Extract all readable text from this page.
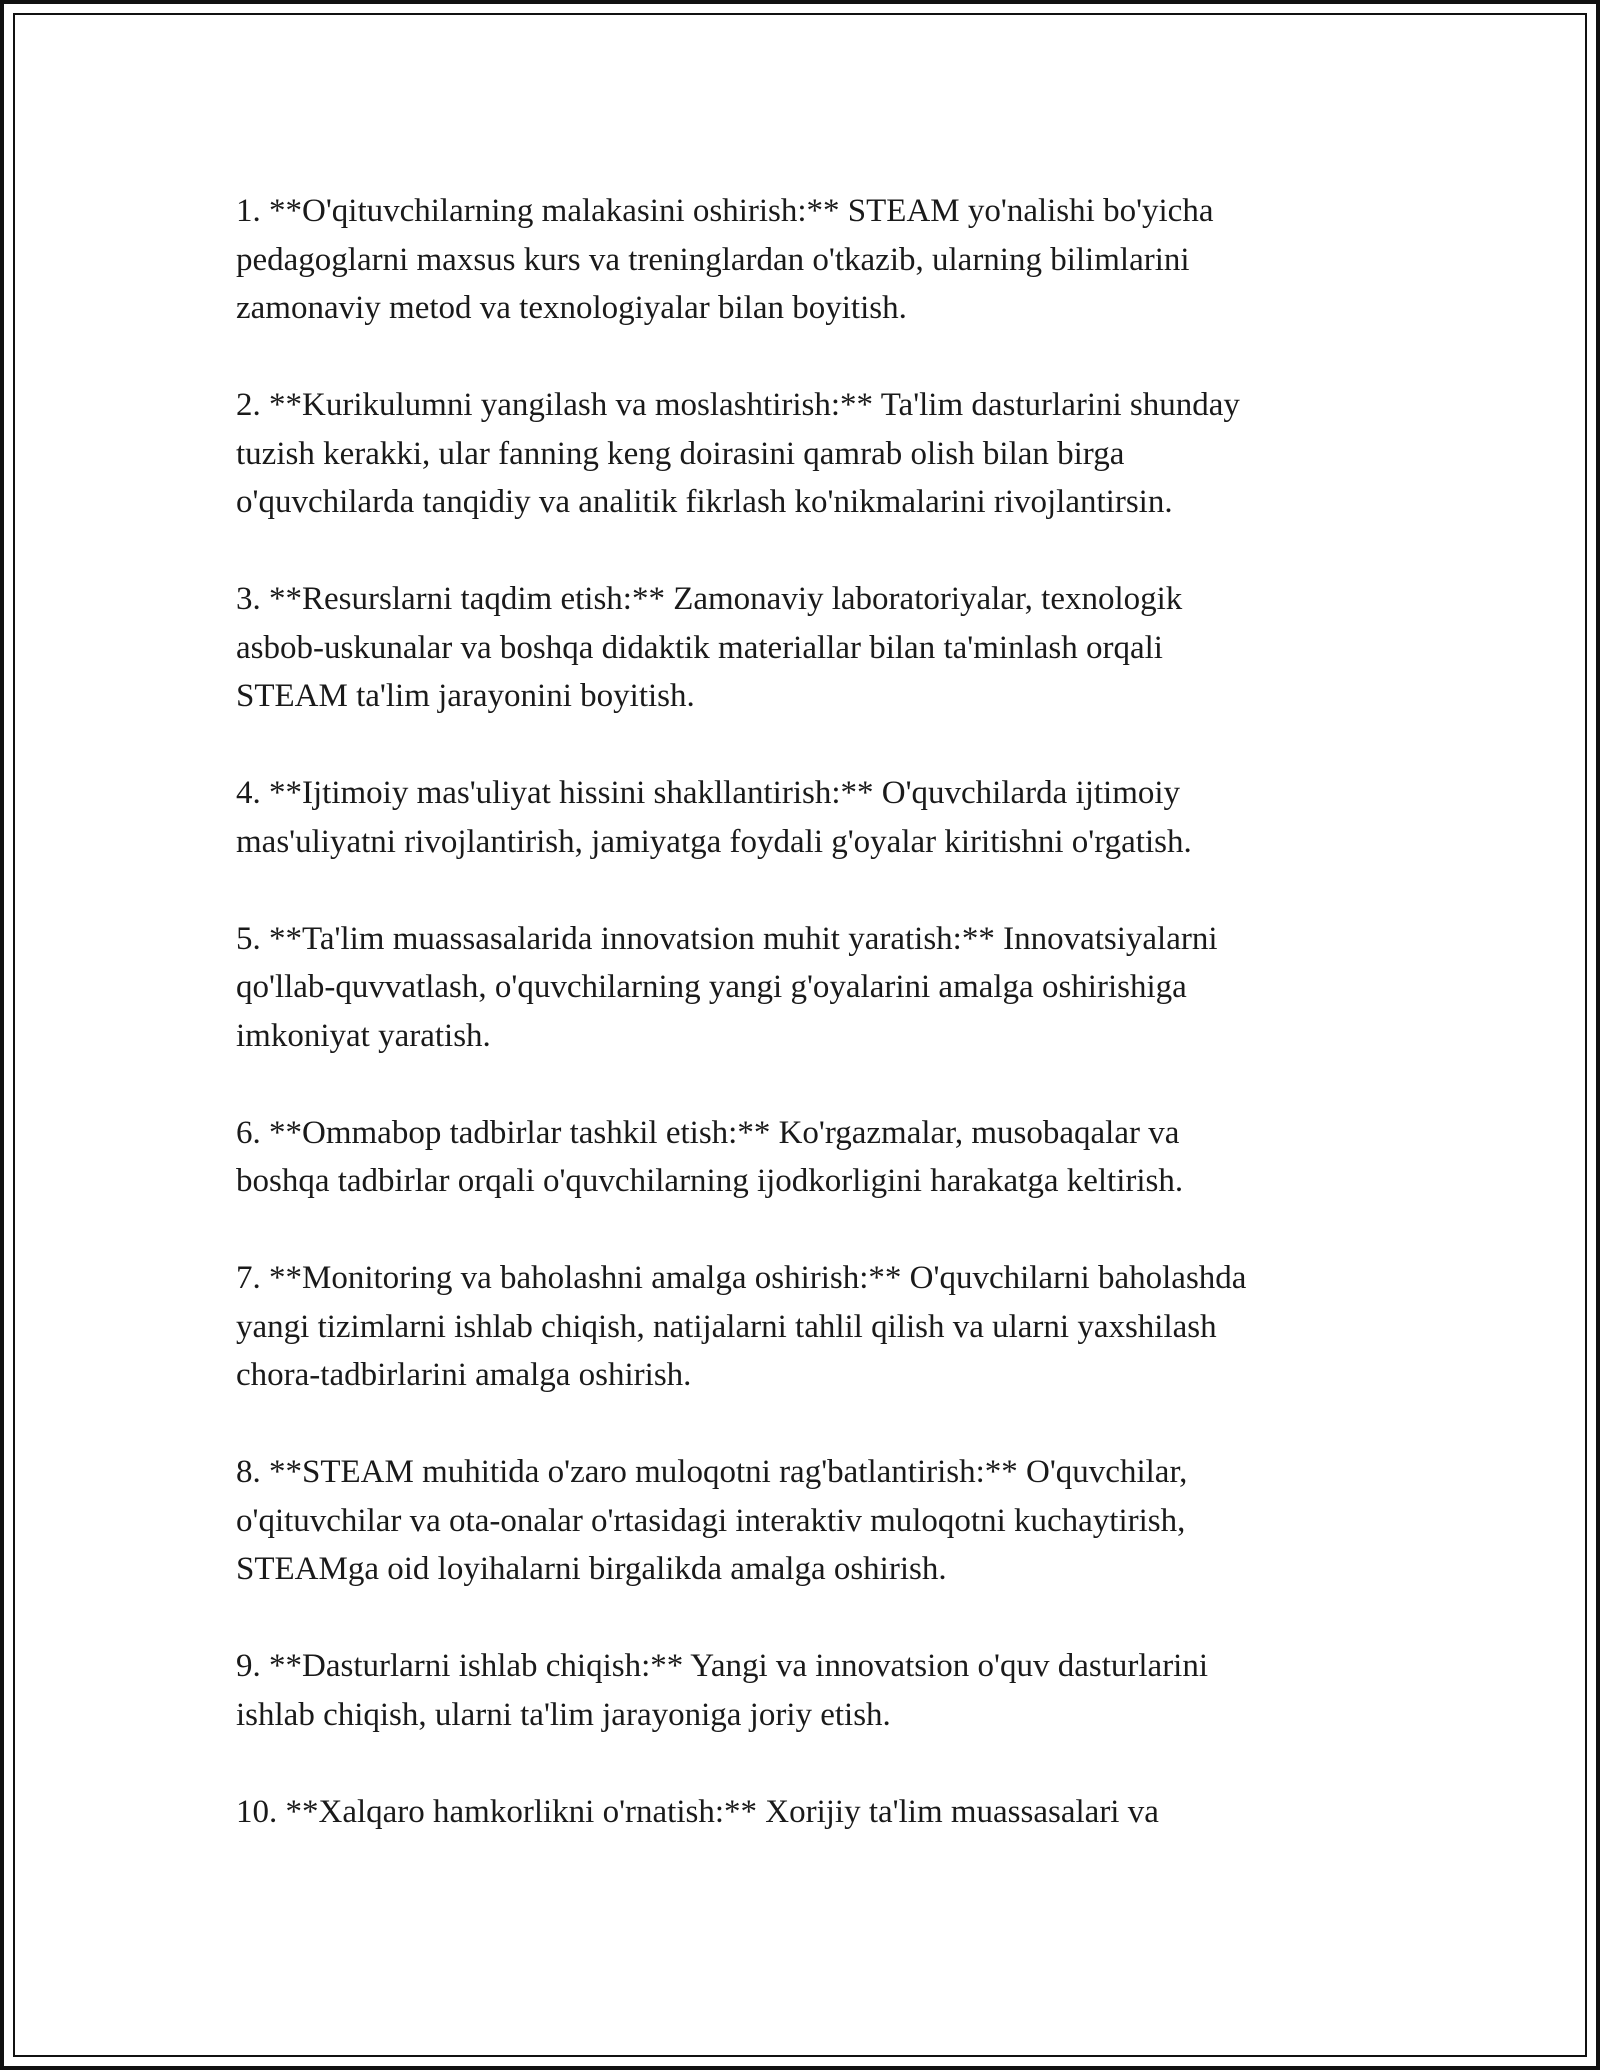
1. **O'qituvchilarning malakasini oshirish:** STEAM yo'nalishi bo'yicha
pedagoglarni maxsus kurs va treninglardan o'tkazib, ularning bilimlarini
zamonaviy metod va texnologiyalar bilan boyitish.
2. **Kurikulumni yangilash va moslashtirish:** Ta'lim dasturlarini shunday
tuzish kerakki, ular fanning keng doirasini qamrab olish bilan birga
o'quvchilarda tanqidiy va analitik fikrlash ko'nikmalarini rivojlantirsin.
3. **Resurslarni taqdim etish:** Zamonaviy laboratoriyalar, texnologik
asbob-uskunalar va boshqa didaktik materiallar bilan ta'minlash orqali
STEAM ta'lim jarayonini boyitish.
4. **Ijtimoiy mas'uliyat hissini shakllantirish:** O'quvchilarda ijtimoiy
mas'uliyatni rivojlantirish, jamiyatga foydali g'oyalar kiritishni o'rgatish.
5. **Ta'lim muassasalarida innovatsion muhit yaratish:** Innovatsiyalarni
qo'llab-quvvatlash, o'quvchilarning yangi g'oyalarini amalga oshirishiga
imkoniyat yaratish.
6. **Ommabop tadbirlar tashkil etish:** Ko'rgazmalar, musobaqalar va
boshqa tadbirlar orqali o'quvchilarning ijodkorligini harakatga keltirish.
7. **Monitoring va baholashni amalga oshirish:** O'quvchilarni baholashda
yangi tizimlarni ishlab chiqish, natijalarni tahlil qilish va ularni yaxshilash
chora-tadbirlarini amalga oshirish.
8. **STEAM muhitida o'zaro muloqotni rag'batlantirish:** O'quvchilar,
o'qituvchilar va ota-onalar o'rtasidagi interaktiv muloqotni kuchaytirish,
STEAMga oid loyihalarni birgalikda amalga oshirish.
9. **Dasturlarni ishlab chiqish:** Yangi va innovatsion o'quv dasturlarini
ishlab chiqish, ularni ta'lim jarayoniga joriy etish.
10. **Xalqaro hamkorlikni o'rnatish:** Xorijiy ta'lim muassasalari va
